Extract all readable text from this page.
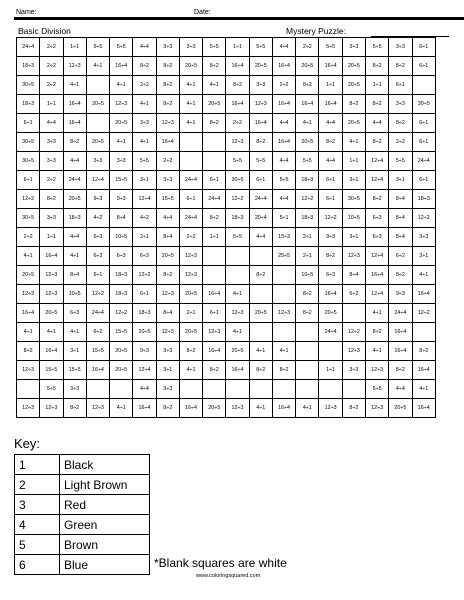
Name:	Date:
Basic Division	Mystery Puzzle:
24÷4	2÷2	1÷1	5÷5	5÷5	4÷4	3÷3	3÷3	5÷5	1÷1	5÷5	4÷4	2÷2	5÷5	3÷3	5÷5	3÷3	6÷1
18÷3	2÷2	12÷3	4÷1	16÷4	8÷2	8÷2	20÷5	8÷2	16÷4	20÷5	16÷4	20÷5	16÷4	20÷5	8÷2	8÷2	6÷1
30÷5	2÷2	4÷1		4÷1	2÷2	8÷2	4÷1	4÷1	8÷2	3÷3	2÷2	8÷2	1÷1	20÷5	1÷1	6÷1	
18÷3	1÷1	16÷4	20÷5	12÷3	4÷1	8÷2	4÷1	20÷5	16÷4	12÷3	16÷4	16÷4	16÷4	8÷2	8÷2	3÷3	30÷5
6÷1	4÷4	16÷4		20÷5	3÷3	12÷3	4÷1	8÷2	2÷2	16÷4	4÷4	4÷1	4÷4	20÷5	4÷4	8÷2	6÷1
30÷5	3÷3	8÷2	20÷5	4÷1	4÷1	16÷4			12÷3	8÷2	16÷4	20÷5	8÷2	4÷1	8÷2	2÷2	6÷1
30÷5	3÷3	4÷4	3÷3	3÷3	5÷5	2÷2			5÷5	5÷5	4÷4	5÷5	4÷4	1÷1	12÷4	5÷5	24÷4
6÷1	2÷2	24÷4	12÷4	15÷5	3÷1	3÷3	24÷4	6÷1	30÷5	6÷1	5÷5	18÷3	6÷1	3÷1	12÷4	3÷1	6÷1
12÷2	8÷2	20÷5	9÷3	9÷3	12÷4	15÷5	6÷1	24÷4	12÷2	24÷4	4÷4	12÷2	6÷1	30÷5	8÷2	8÷4	18÷3
30÷5	3÷3	18÷3	4÷2	8÷4	4÷2	4÷4	24÷4	8÷2	18÷3	20÷4	5÷1	18÷3	12÷2	10÷5	6÷3	8÷4	12÷2
2÷2	1÷1	4÷4	6÷3	10÷5	2÷1	8÷4	2÷2	1÷1	5÷5	4÷4	15÷3	2÷1	9÷3	3÷1	6÷3	8÷4	3÷3
4÷1	16÷4	4÷1	6÷3	6÷3	6÷3	20÷5	12÷3				25÷5	2÷1	8÷2	12÷3	12÷4	6÷2	3÷1
20÷5	12÷3	8÷4	6÷1	18÷3	12÷2	8÷2	12÷3			8÷2		10÷5	6÷3	8÷4	16÷4	8÷2	4÷1
12÷3	12÷3	10÷5	12÷2	18÷3	6÷1	12÷3	20÷5	16÷4	4÷1			8÷2	16÷4	6÷2	12÷4	9÷3	16÷4
16÷4	20÷5	6÷3	24÷4	12÷2	18÷3	8÷4	2÷1	6÷1	12÷3	20÷5	12÷3	8÷2	20÷5		4÷1	24÷4	12÷2
4÷1	4÷1	4÷1	6÷2	15÷5	20÷5	12÷3	20÷5	12÷3	4÷1				24÷4	12÷2	8÷2	16÷4	
8÷2	16÷4	3÷1	15÷5	20÷5	9÷3	3÷3	8÷2	16÷4	20÷5	4÷1	4÷1			12÷3	4÷1	16÷4	8÷2
12÷3	15÷5	15÷5	16÷4	20÷5	12÷4	3÷1	4÷1	8÷2	16÷4	8÷2	8÷2		1÷1	3÷3	12÷3	8÷2	16÷4
	5÷5	3÷3			4÷4	3÷3									5÷5	4÷4	4÷1
12÷3	12÷3	8÷2	12÷3	4÷1	16÷4	8÷2	16÷4	20÷5	12÷3	4÷1	16÷4	4÷1	12÷3	8÷2	12÷3	20÷5	16÷4
Key:
1	Black
2	Light Brown
3	Red
4	Green
5	Brown
6	Blue	*Blank squares are white
www.coloringsquared.com
